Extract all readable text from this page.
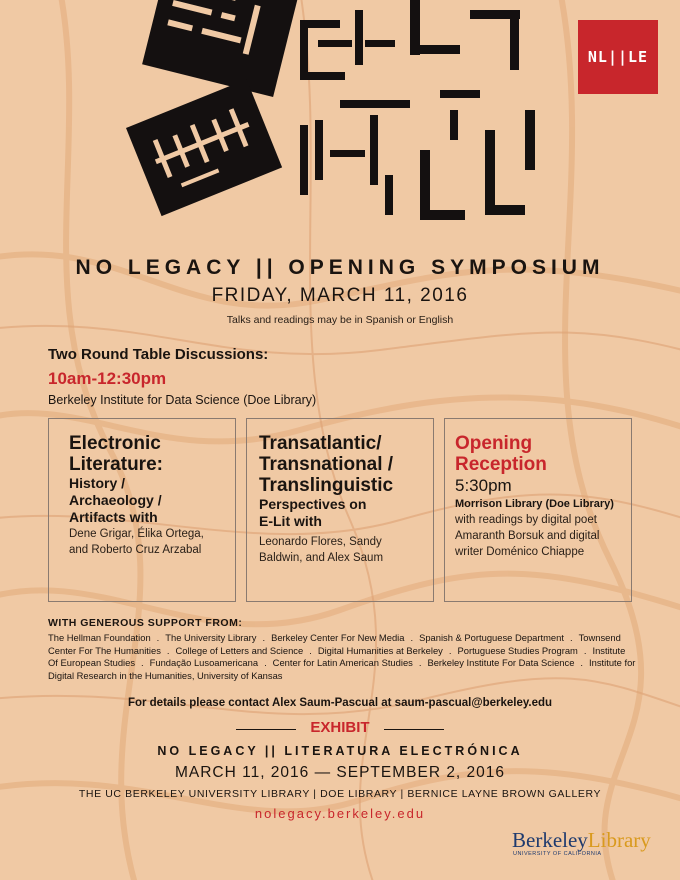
NL||LE
NO LEGACY || OPENING SYMPOSIUM
FRIDAY, MARCH 11, 2016
Talks and readings may be in Spanish or English
Two Round Table Discussions:
10am-12:30pm
Berkeley Institute for Data Science (Doe Library)
Electronic
Literature:
History /
Archaeology /
Artifacts with
Dene Grigar, Élika Ortega,
and Roberto Cruz Arzabal
Transatlantic/
Transnational /
Translinguistic
Perspectives on
E-Lit with
Leonardo Flores, Sandy
Baldwin, and Alex Saum
Opening
Reception
5:30pm
Morrison Library (Doe Library)
with readings by digital poet
Amaranth Borsuk and digital
writer Doménico Chiappe
WITH GENEROUS SUPPORT FROM:
The Hellman Foundation . The University Library . Berkeley Center For New Media . Spanish & Portuguese Department . Townsend Center For The Humanities . College of Letters and Science . Digital Humanities at Berkeley . Portuguese Studies Program . Institute Of European Studies . Fundação Lusoamericana . Center for Latin American Studies . Berkeley Institute For Data Science . Institute for Digital Research in the Humanities, University of Kansas
For details please contact Alex Saum-Pascual at saum-pascual@berkeley.edu
EXHIBIT
NO LEGACY || LITERATURA ELECTRÓNICA
MARCH 11, 2016 — SEPTEMBER 2, 2016
THE UC BERKELEY UNIVERSITY LIBRARY | DOE LIBRARY | BERNICE LAYNE BROWN GALLERY
nolegacy.berkeley.edu
BerkeleyLibrary
UNIVERSITY OF CALIFORNIA
